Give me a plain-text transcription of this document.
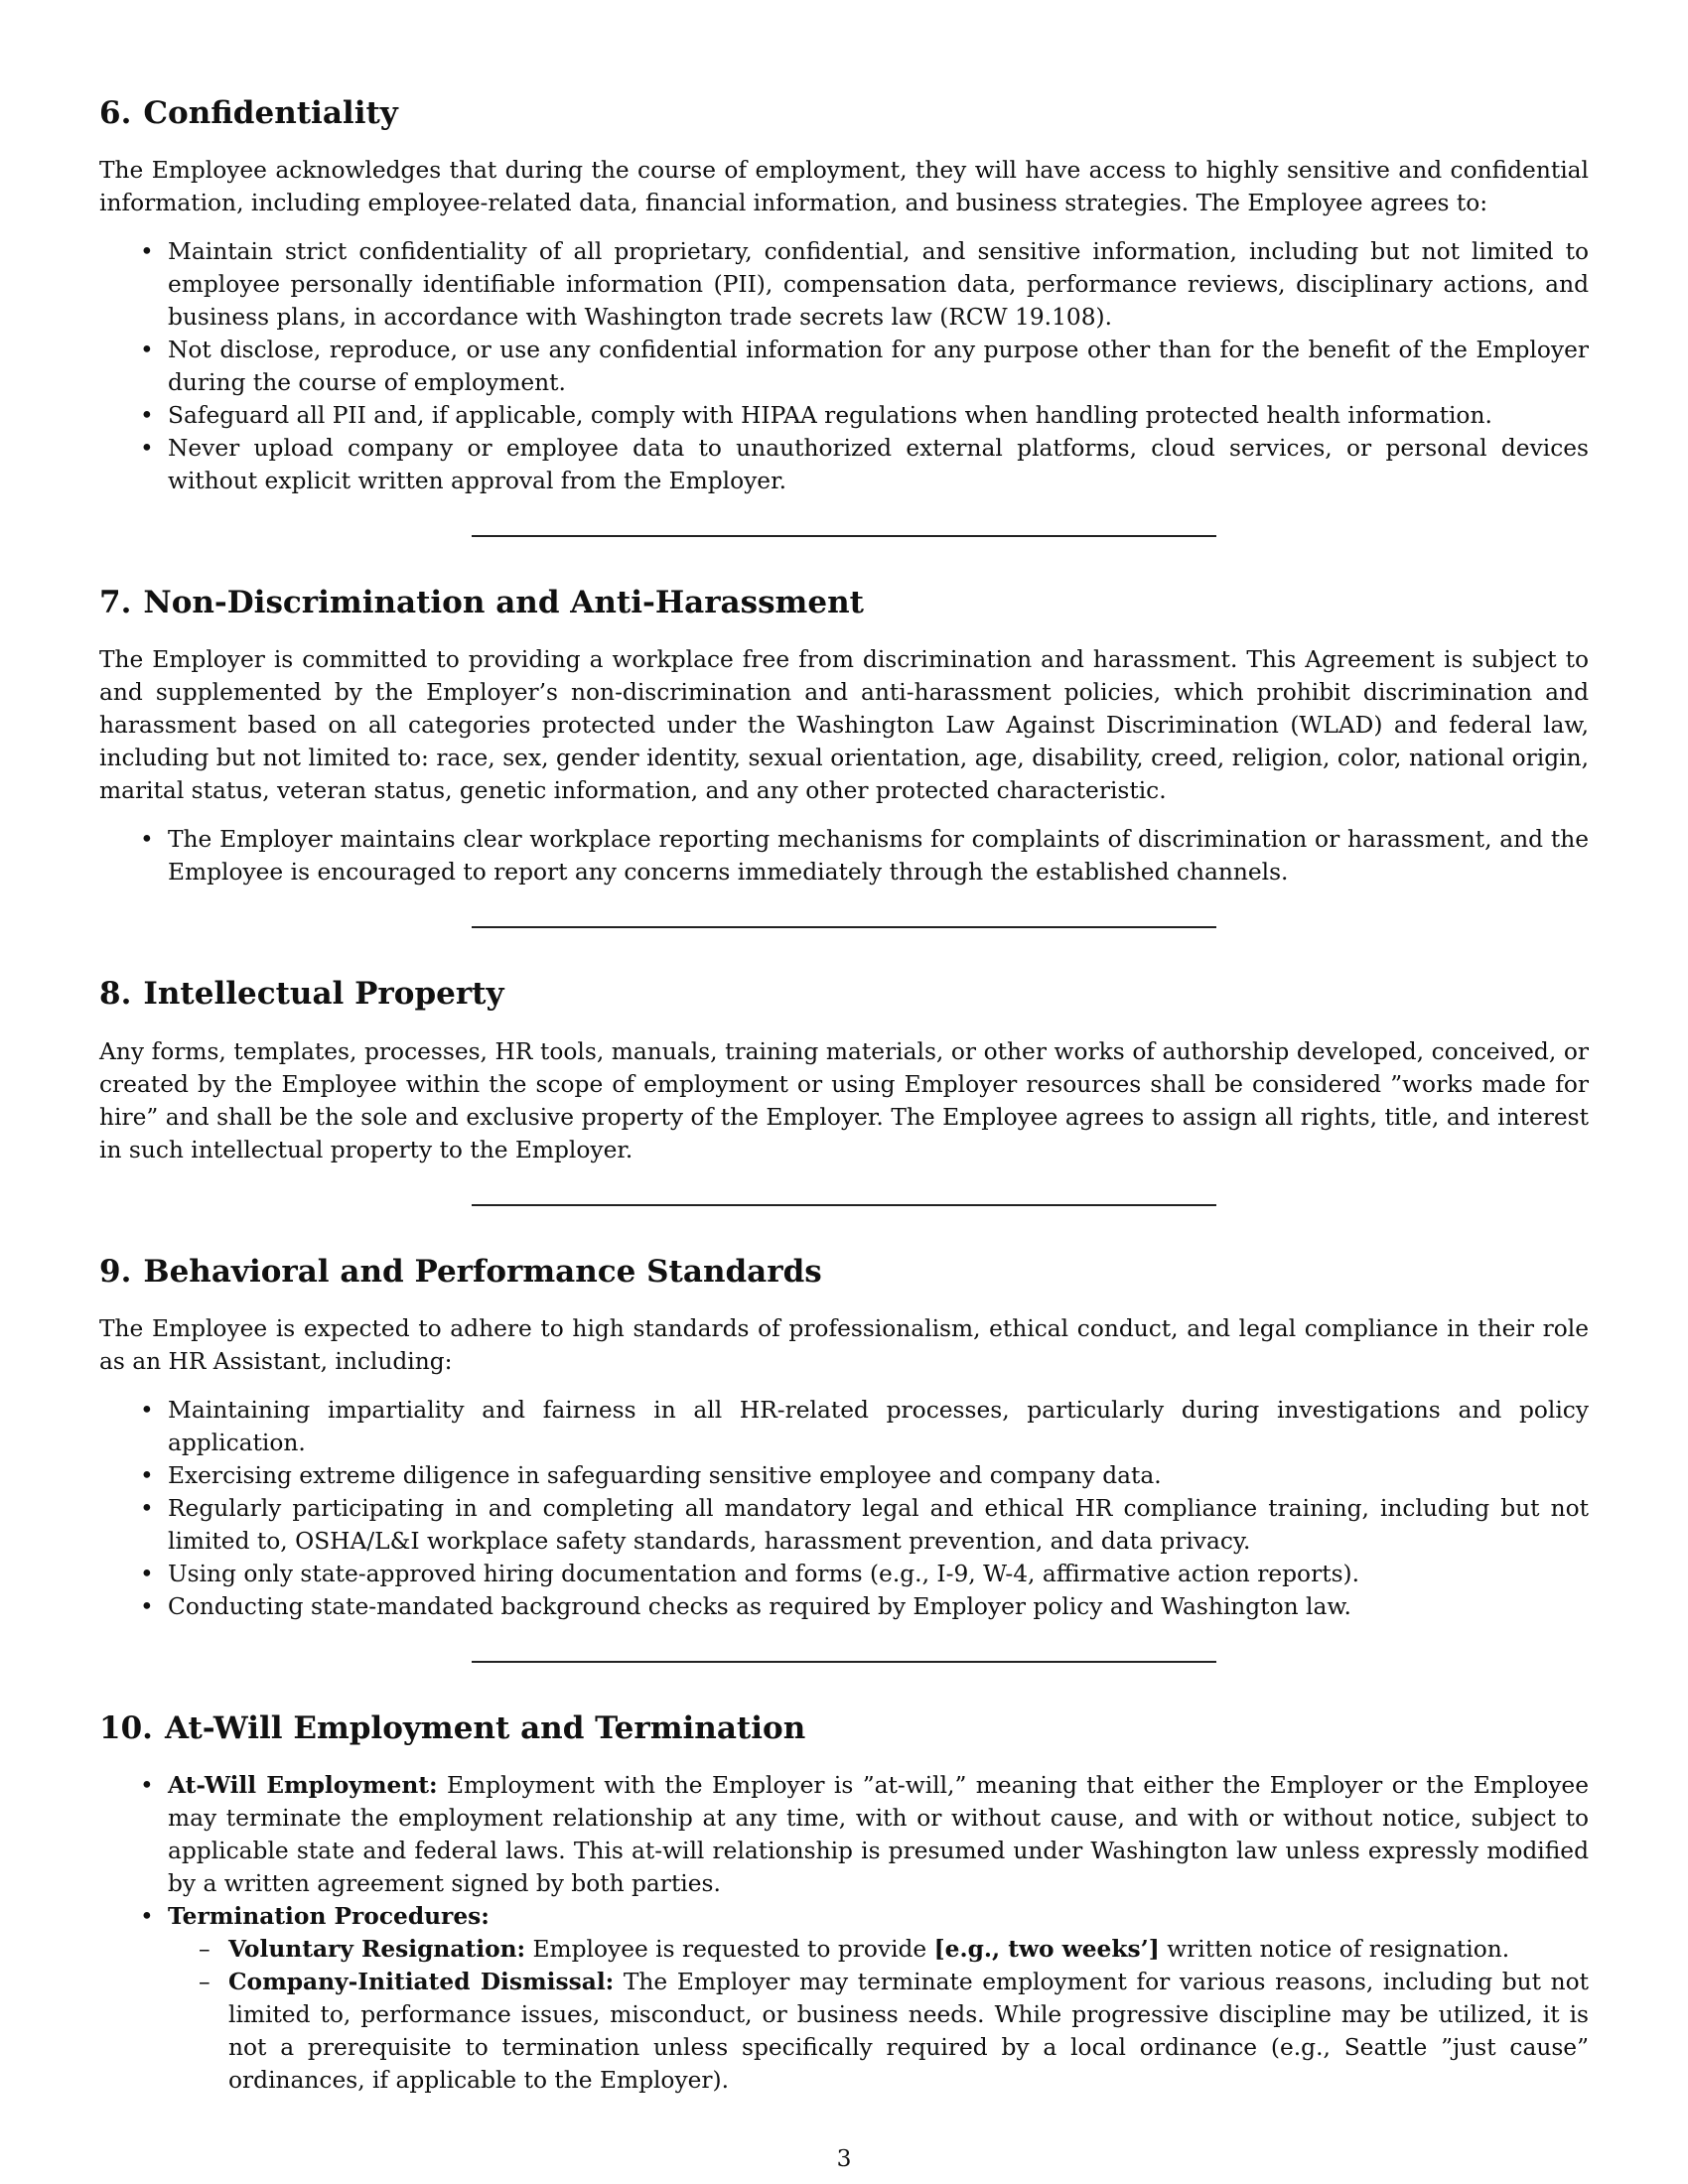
6. Confidentiality

The Employee acknowledges that during the course of employment, they will have access to highly sensitive and confidential information, including employee-related data, financial information, and business strategies. The Employee agrees to:

• Maintain strict confidentiality of all proprietary, confidential, and sensitive information, including but not limited to employee personally identifiable information (PII), compensation data, performance reviews, disciplinary actions, and business plans, in accordance with Washington trade secrets law (RCW 19.108).
• Not disclose, reproduce, or use any confidential information for any purpose other than for the benefit of the Employer during the course of employment.
• Safeguard all PII and, if applicable, comply with HIPAA regulations when handling protected health information.
• Never upload company or employee data to unauthorized external platforms, cloud services, or personal devices without explicit written approval from the Employer.
7. Non-Discrimination and Anti-Harassment

The Employer is committed to providing a workplace free from discrimination and harassment. This Agreement is subject to and supplemented by the Employer’s non-discrimination and anti-harassment policies, which prohibit discrimination and harassment based on all categories protected under the Washington Law Against Discrimination (WLAD) and federal law, including but not limited to: race, sex, gender identity, sexual orientation, age, disability, creed, religion, color, national origin, marital status, veteran status, genetic information, and any other protected characteristic.

• The Employer maintains clear workplace reporting mechanisms for complaints of discrimination or harassment, and the Employee is encouraged to report any concerns immediately through the established channels.
8. Intellectual Property

Any forms, templates, processes, HR tools, manuals, training materials, or other works of authorship developed, conceived, or created by the Employee within the scope of employment or using Employer resources shall be considered ”works made for hire” and shall be the sole and exclusive property of the Employer. The Employee agrees to assign all rights, title, and interest in such intellectual property to the Employer.

9. Behavioral and Performance Standards

The Employee is expected to adhere to high standards of professionalism, ethical conduct, and legal compliance in their role as an HR Assistant, including:

• Maintaining impartiality and fairness in all HR-related processes, particularly during investigations and policy application.
• Exercising extreme diligence in safeguarding sensitive employee and company data.
• Regularly participating in and completing all mandatory legal and ethical HR compliance training, including but not limited to, OSHA/L&I workplace safety standards, harassment prevention, and data privacy.
• Using only state-approved hiring documentation and forms (e.g., I-9, W-4, affirmative action reports).
• Conducting state-mandated background checks as required by Employer policy and Washington law.
10. At-Will Employment and Termination
• At-Will Employment: Employment with the Employer is ”at-will,” meaning that either the Employer or the Employee may terminate the employment relationship at any time, with or without cause, and with or without notice, subject to applicable state and federal laws. This at-will relationship is presumed under Washington law unless expressly modified by a written agreement signed by both parties.
• Termination Procedures:
– Voluntary Resignation: Employee is requested to provide [e.g., two weeks’] written notice of resignation.
– Company-Initiated Dismissal: The Employer may terminate employment for various reasons, including but not limited to, performance issues, misconduct, or business needs. While progressive discipline may be utilized, it is not a prerequisite to termination unless specifically required by a local ordinance (e.g., Seattle ”just cause” ordinances, if applicable to the Employer).
3
